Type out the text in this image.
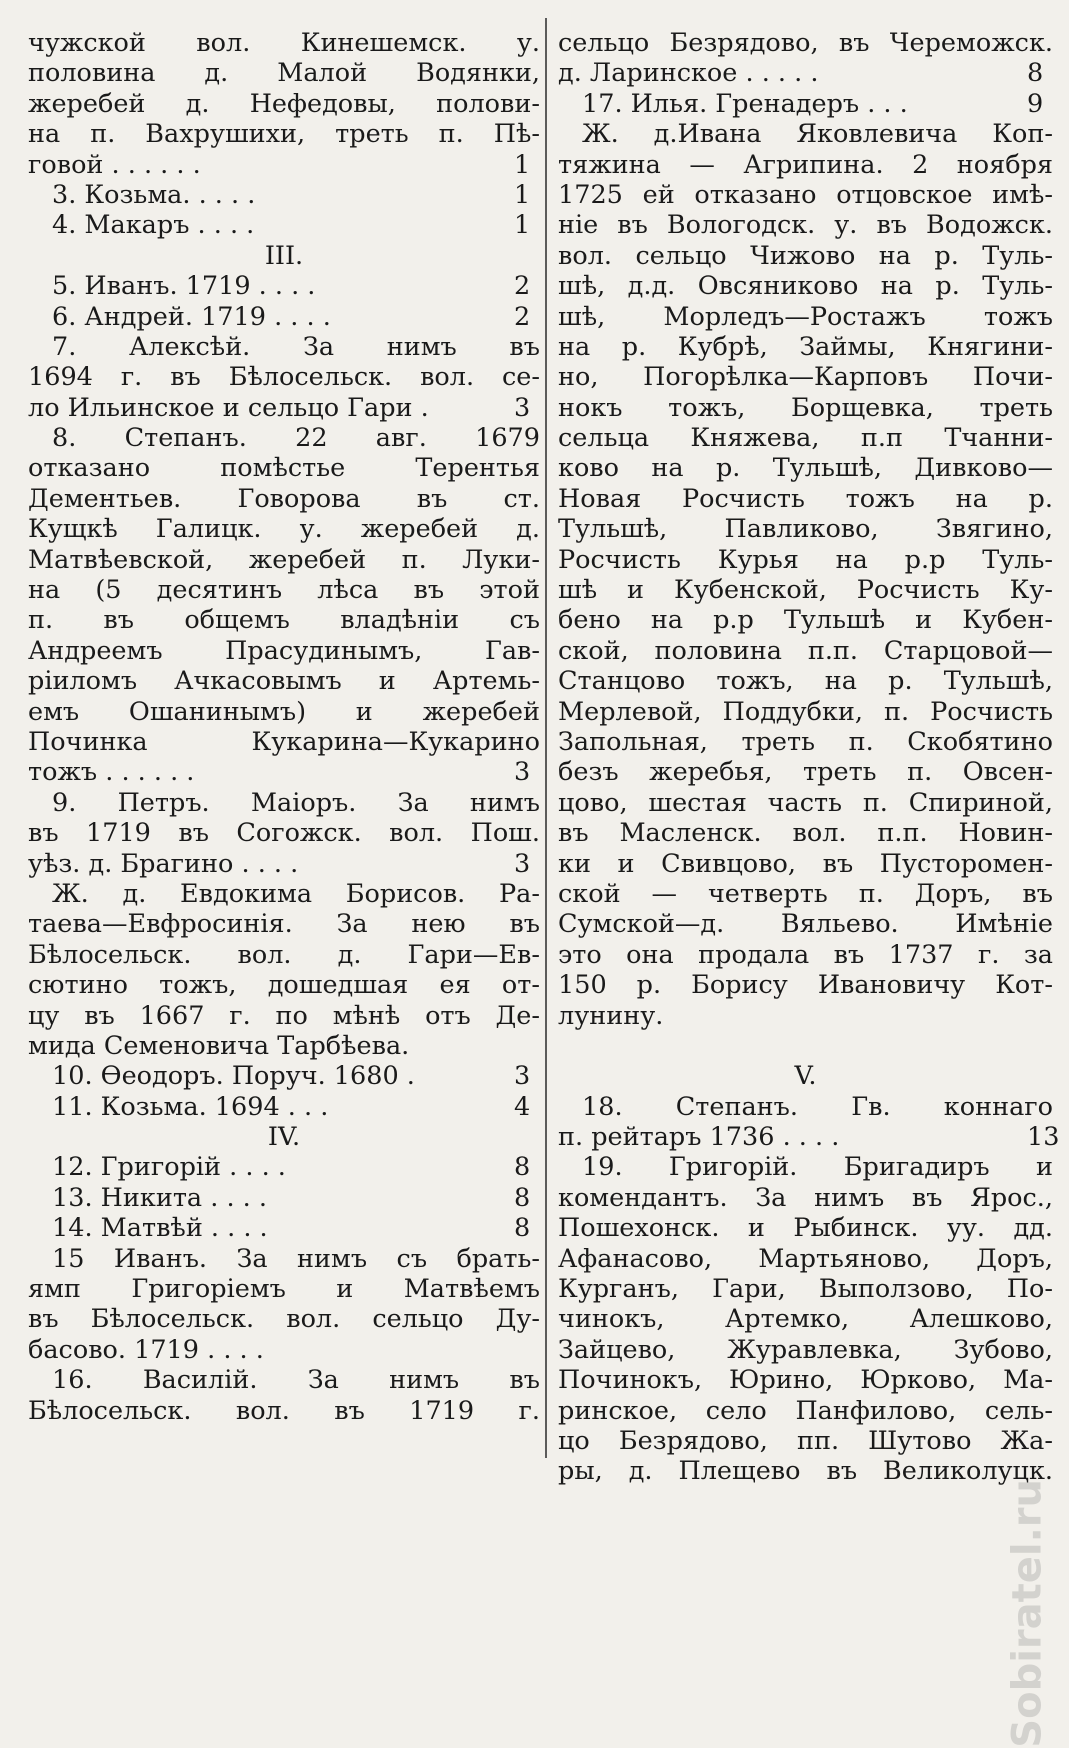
чужской вол. Кинешемск. у.
половина д. Малой Водянки,
жеребей д. Нефедовы, полови-
на п. Вахрушихи, треть п. Пѣ-
говой . . . . . .	1
3. Козьма. . . . .	1
4. Макаръ . . . .	1
III.
5. Иванъ. 1719 . . . .	2
6. Андрей. 1719 . . . .	2
7. Алексѣй. За нимъ въ
1694 г. въ Бѣлосельск. вол. се-
ло Ильинское и сельцо Гари .	3
8. Степанъ. 22 авг. 1679
отказано помѣстье Терентья
Дементьев. Говорова въ ст.
Кущкѣ Галицк. у. жеребей д.
Матвѣевской, жеребей п. Луки-
на (5 десятинъ лѣса въ этой
п. въ общемъ владѣніи съ
Андреемъ Прасудинымъ, Гав-
ріиломъ Ачкасовымъ и Артемь-
емъ Ошанинымъ) и жеребей
Починка Кукарина—Кукарино
тожъ . . . . . .	3
9. Петръ. Маіоръ. За нимъ
въ 1719 въ Согожск. вол. Пош.
уѣз. д. Брагино . . . .	3
Ж. д. Евдокима Борисов. Ра-
таева—Евфросинія. За нею въ
Бѣлосельск. вол. д. Гари—Ев-
сютино тожъ, дошедшая ея от-
цу въ 1667 г. по мѣнѣ отъ Де-
мида Семеновича Тарбѣева.
10. Ѳеодоръ. Поруч. 1680 .	3
11. Козьма. 1694 . . .	4
IV.
12. Григорій . . . .	8
13. Никита . . . .	8
14. Матвѣй . . . .	8
15 Иванъ. За нимъ съ брать-
ямп Григоріемъ и Матвѣемъ
въ Бѣлосельск. вол. сельцо Ду-
басово. 1719 . . . .
16. Василій. За нимъ въ
Бѣлосельск. вол. въ 1719 г.
сельцо Безрядово, въ Череможск.
д. Ларинское . . . . .	8
17. Илья. Гренадеръ . . .	9
Ж. д.Ивана Яковлевича Коп-
тяжина — Агрипина. 2 ноября
1725 ей отказано отцовское имѣ-
ніе въ Вологодск. у. въ Водожск.
вол. сельцо Чижово на р. Туль-
шѣ, д.д. Овсяниково на р. Туль-
шѣ, Морледъ—Ростажъ тожъ
на р. Кубрѣ, Займы, Княгини-
но, Погорѣлка—Карповъ Почи-
нокъ тожъ, Борщевка, треть
сельца Княжева, п.п Тчанни-
ково на р. Тульшѣ, Дивково—
Новая Росчисть тожъ на р.
Тульшѣ, Павликово, Звягино,
Росчисть Курья на р.р Туль-
шѣ и Кубенской, Росчисть Ку-
бено на р.р Тульшѣ и Кубен-
ской, половина п.п. Старцовой—
Станцово тожъ, на р. Тульшѣ,
Мерлевой, Поддубки, п. Росчисть
Запольная, треть п. Скобятино
безъ жеребья, треть п. Овсен-
цово, шестая часть п. Спириной,
въ Масленск. вол. п.п. Новин-
ки и Свивцово, въ Пусторомен-
ской — четверть п. Доръ, въ
Сумской—д. Вяльево. Имѣніе
это она продала въ 1737 г. за
150 р. Борису Ивановичу Кот-
лунину.

V.
18. Степанъ. Гв. коннаго
п. рейтаръ 1736 . . . .	13
19. Григорій. Бригадиръ и
комендантъ. За нимъ въ Ярос.,
Пошехонск. и Рыбинск. уу. дд.
Афанасово, Мартьяново, Доръ,
Курганъ, Гари, Выползово, По-
чинокъ, Артемко, Алешково,
Зайцево, Журавлевка, Зубово,
Починокъ, Юрино, Юрково, Ма-
ринское, село Панфилово, сель-
цо Безрядово, пп. Шутово Жа-
ры, д. Плещево въ Великолуцк.
Sobiratel.ru
